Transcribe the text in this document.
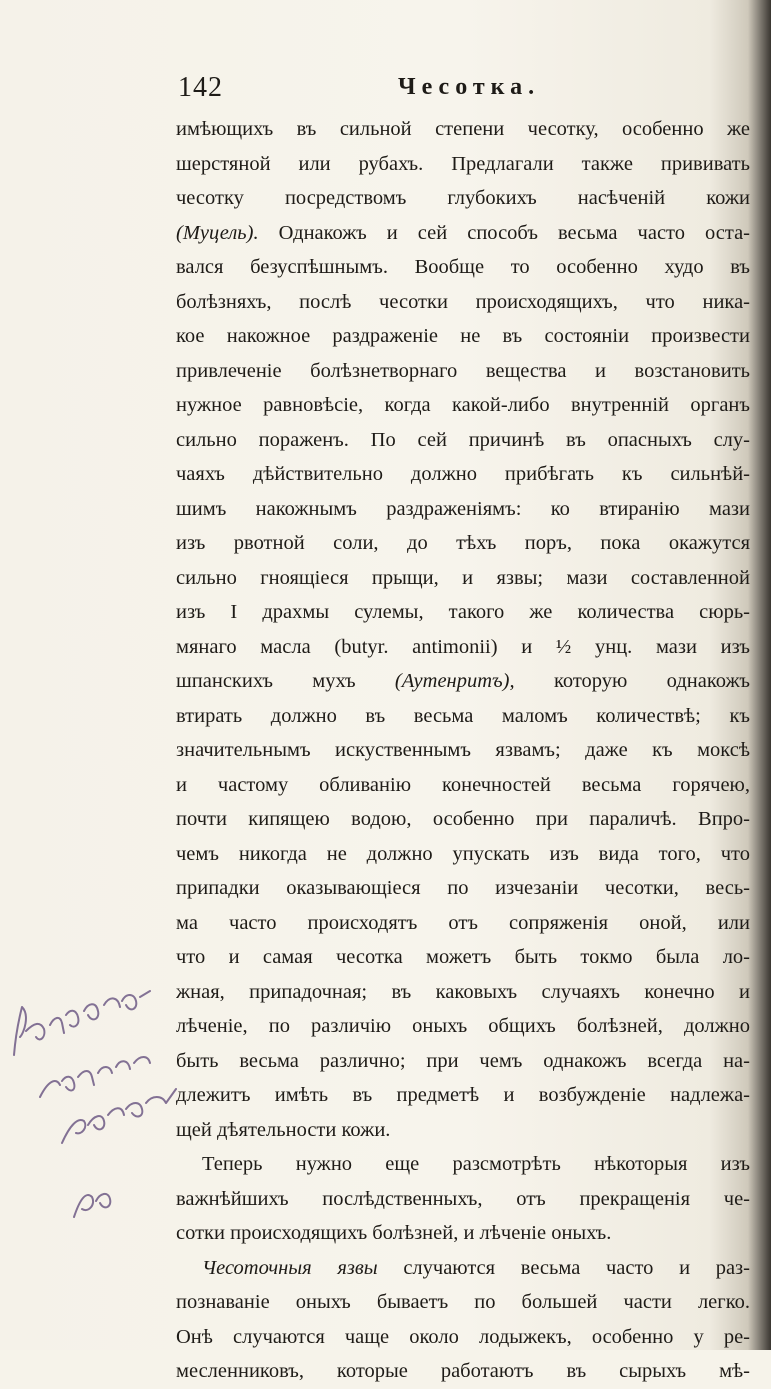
142	Чесотка.
имѣющихъ въ сильной степени чесотку, особенно же
шерстяной или рубахъ. Предлагали также прививать
чесотку посредствомъ глубокихъ насѣченій кожи
(Муцель). Однакожъ и сей способъ весьма часто оста-
вался безуспѣшнымъ. Вообще то особенно худо въ
болѣзняхъ, послѣ чесотки происходящихъ, что ника-
кое накожное раздраженіе не въ состояніи произвести
привлеченіе болѣзнетворнаго вещества и возстановить
нужное равновѣсіе, когда какой-либо внутренній органъ
сильно пораженъ. По сей причинѣ въ опасныхъ слу-
чаяхъ дѣйствительно должно прибѣгать къ сильнѣй-
шимъ накожнымъ раздраженіямъ: ко втиранію мази
изъ рвотной соли, до тѣхъ поръ, пока окажутся
сильно гноящіеся прыщи, и язвы; мази составленной
изъ I драхмы сулемы, такого же количества сюрь-
мянаго масла (butyr. antimonii) и ½ унц. мази изъ
шпанскихъ мухъ (Аутенритъ), которую однакожъ
втирать должно въ весьма маломъ количествѣ; къ
значительнымъ искуственнымъ язвамъ; даже къ моксѣ
и частому обливанію конечностей весьма горячею,
почти кипящею водою, особенно при параличѣ. Впро-
чемъ никогда не должно упускать изъ вида того, что
припадки оказывающіеся по изчезаніи чесотки, весь-
ма часто происходятъ отъ сопряженія оной, или
что и самая чесотка можетъ быть токмо была ло-
жная, припадочная; въ каковыхъ случаяхъ конечно и
лѣченіе, по различію оныхъ общихъ болѣзней, должно
быть весьма различно; при чемъ однакожъ всегда на-
длежитъ имѣть въ предметѣ и возбужденіе надлежа-
щей дѣятельности кожи.
Теперь нужно еще разсмотрѣть нѣкоторыя изъ
важнѣйшихъ послѣдственныхъ, отъ прекращенія че-
сотки происходящихъ болѣзней, и лѣченіе оныхъ.
Чесоточныя язвы случаются весьма часто и раз-
познаваніе оныхъ бываетъ по большей части легко.
Онѣ случаются чаще около лодыжекъ, особенно у ре-
месленниковъ, которые работаютъ въ сырыхъ мѣ-
